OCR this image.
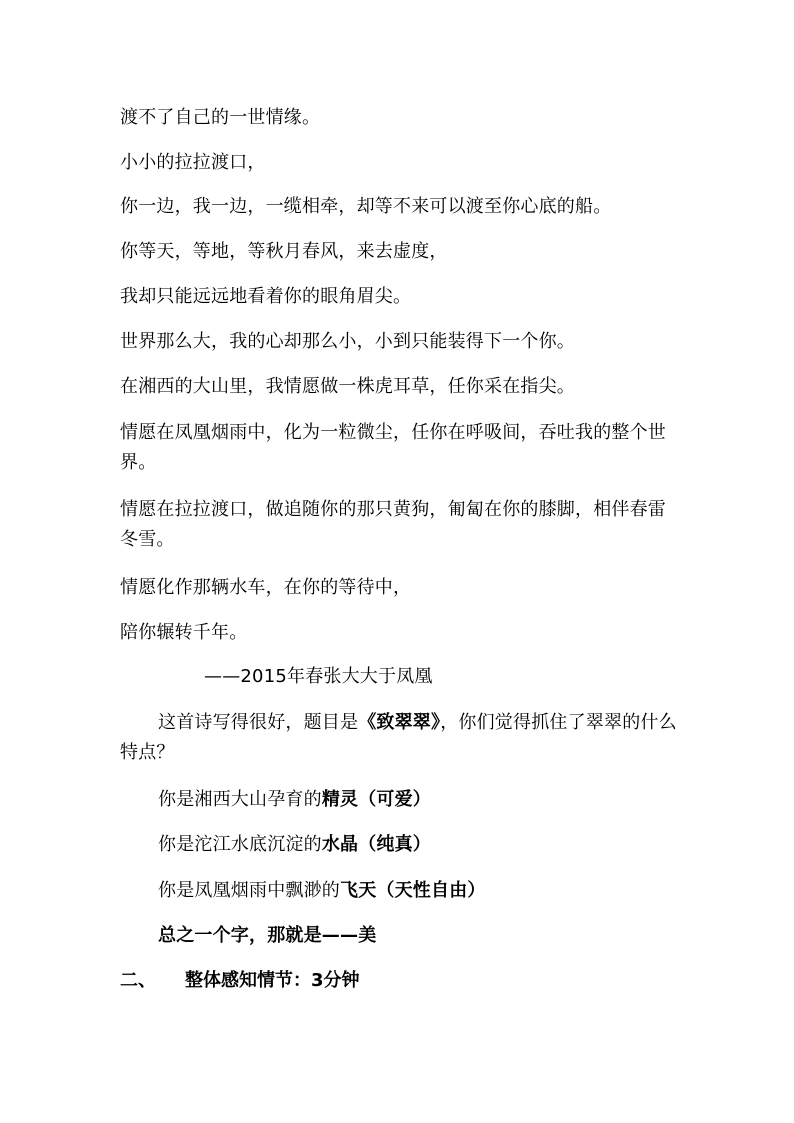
渡不了自己的一世情缘。
小小的拉拉渡口，
你一边，我一边，一缆相牵，却等不来可以渡至你心底的船。
你等天，等地，等秋月春风，来去虚度，
我却只能远远地看着你的眼角眉尖。
世界那么大，我的心却那么小，小到只能装得下一个你。
在湘西的大山里，我情愿做一株虎耳草，任你采在指尖。
情愿在凤凰烟雨中，化为一粒微尘，任你在呼吸间，吞吐我的整个世界。
情愿在拉拉渡口，做追随你的那只黄狗，匍匐在你的膝脚，相伴春雷冬雪。
情愿化作那辆水车，在你的等待中，
陪你辗转千年。
——2015年春张大大于凤凰
这首诗写得很好，题目是《致翠翠》，你们觉得抓住了翠翠的什么特点？
你是湘西大山孕育的精灵（可爱）
你是沱江水底沉淀的水晶（纯真）
你是凤凰烟雨中飘渺的飞天（天性自由）
总之一个字，那就是——美
二、 整体感知情节：3分钟
